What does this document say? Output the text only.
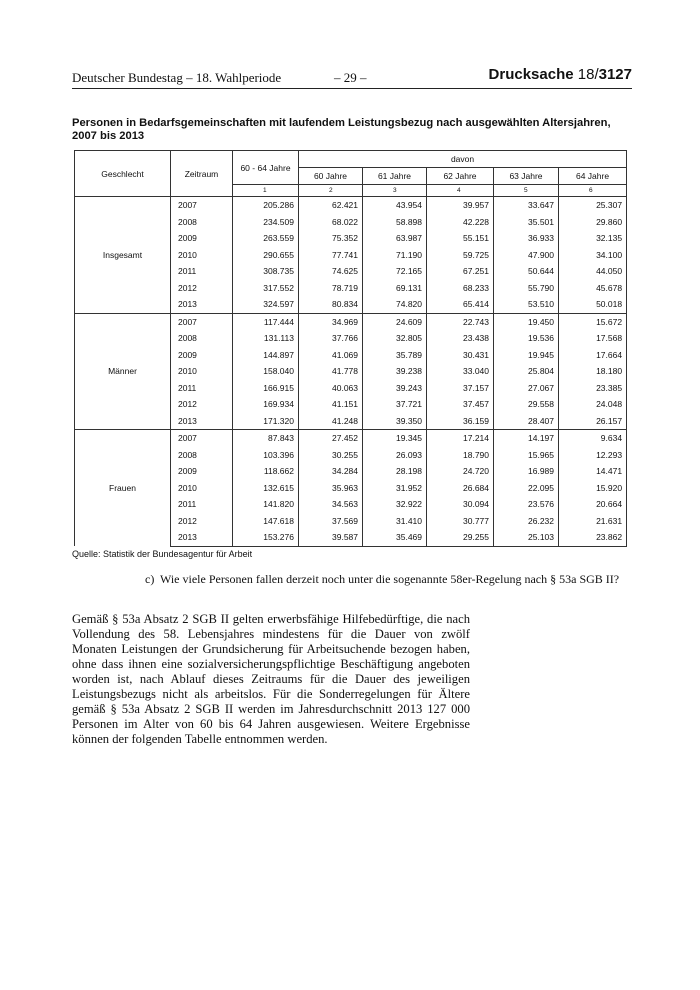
Deutscher Bundestag – 18. Wahlperiode	– 29 –	Drucksache 18/3127
Personen in Bedarfsgemeinschaften mit laufendem Leistungsbezug nach ausgewählten Altersjahren, 2007 bis 2013
Geschlecht	Zeitraum	60 - 64 Jahre	davon				
			60 Jahre	61 Jahre	62 Jahre	63 Jahre	64 Jahre
		1	2	3	4	5	6
Insgesamt	2007	205.286	62.421	43.954	39.957	33.647	25.307
	2008	234.509	68.022	58.898	42.228	35.501	29.860
	2009	263.559	75.352	63.987	55.151	36.933	32.135
	2010	290.655	77.741	71.190	59.725	47.900	34.100
	2011	308.735	74.625	72.165	67.251	50.644	44.050
	2012	317.552	78.719	69.131	68.233	55.790	45.678
	2013	324.597	80.834	74.820	65.414	53.510	50.018
Männer	2007	117.444	34.969	24.609	22.743	19.450	15.672
	2008	131.113	37.766	32.805	23.438	19.536	17.568
	2009	144.897	41.069	35.789	30.431	19.945	17.664
	2010	158.040	41.778	39.238	33.040	25.804	18.180
	2011	166.915	40.063	39.243	37.157	27.067	23.385
	2012	169.934	41.151	37.721	37.457	29.558	24.048
	2013	171.320	41.248	39.350	36.159	28.407	26.157
Frauen	2007	87.843	27.452	19.345	17.214	14.197	9.634
	2008	103.396	30.255	26.093	18.790	15.965	12.293
	2009	118.662	34.284	28.198	24.720	16.989	14.471
	2010	132.615	35.963	31.952	26.684	22.095	15.920
	2011	141.820	34.563	32.922	30.094	23.576	20.664
	2012	147.618	37.569	31.410	30.777	26.232	21.631
	2013	153.276	39.587	35.469	29.255	25.103	23.862
Quelle: Statistik der Bundesagentur für Arbeit
c) Wie viele Personen fallen derzeit noch unter die sogenannte 58er-Regelung nach § 53a SGB II?
Gemäß § 53a Absatz 2 SGB II gelten erwerbsfähige Hilfebedürftige, die nach Vollendung des 58. Lebensjahres mindestens für die Dauer von zwölf Monaten Leistungen der Grundsicherung für Arbeitsuchende bezogen haben, ohne dass ihnen eine sozialversicherungspflichtige Beschäftigung angeboten worden ist, nach Ablauf dieses Zeitraums für die Dauer des jeweiligen Leistungsbezugs nicht als arbeitslos. Für die Sonderregelungen für Ältere gemäß § 53a Absatz 2 SGB II werden im Jahresdurchschnitt 2013 127 000 Personen im Alter von 60 bis 64 Jahren ausgewiesen. Weitere Ergebnisse können der folgenden Tabelle entnommen werden.
